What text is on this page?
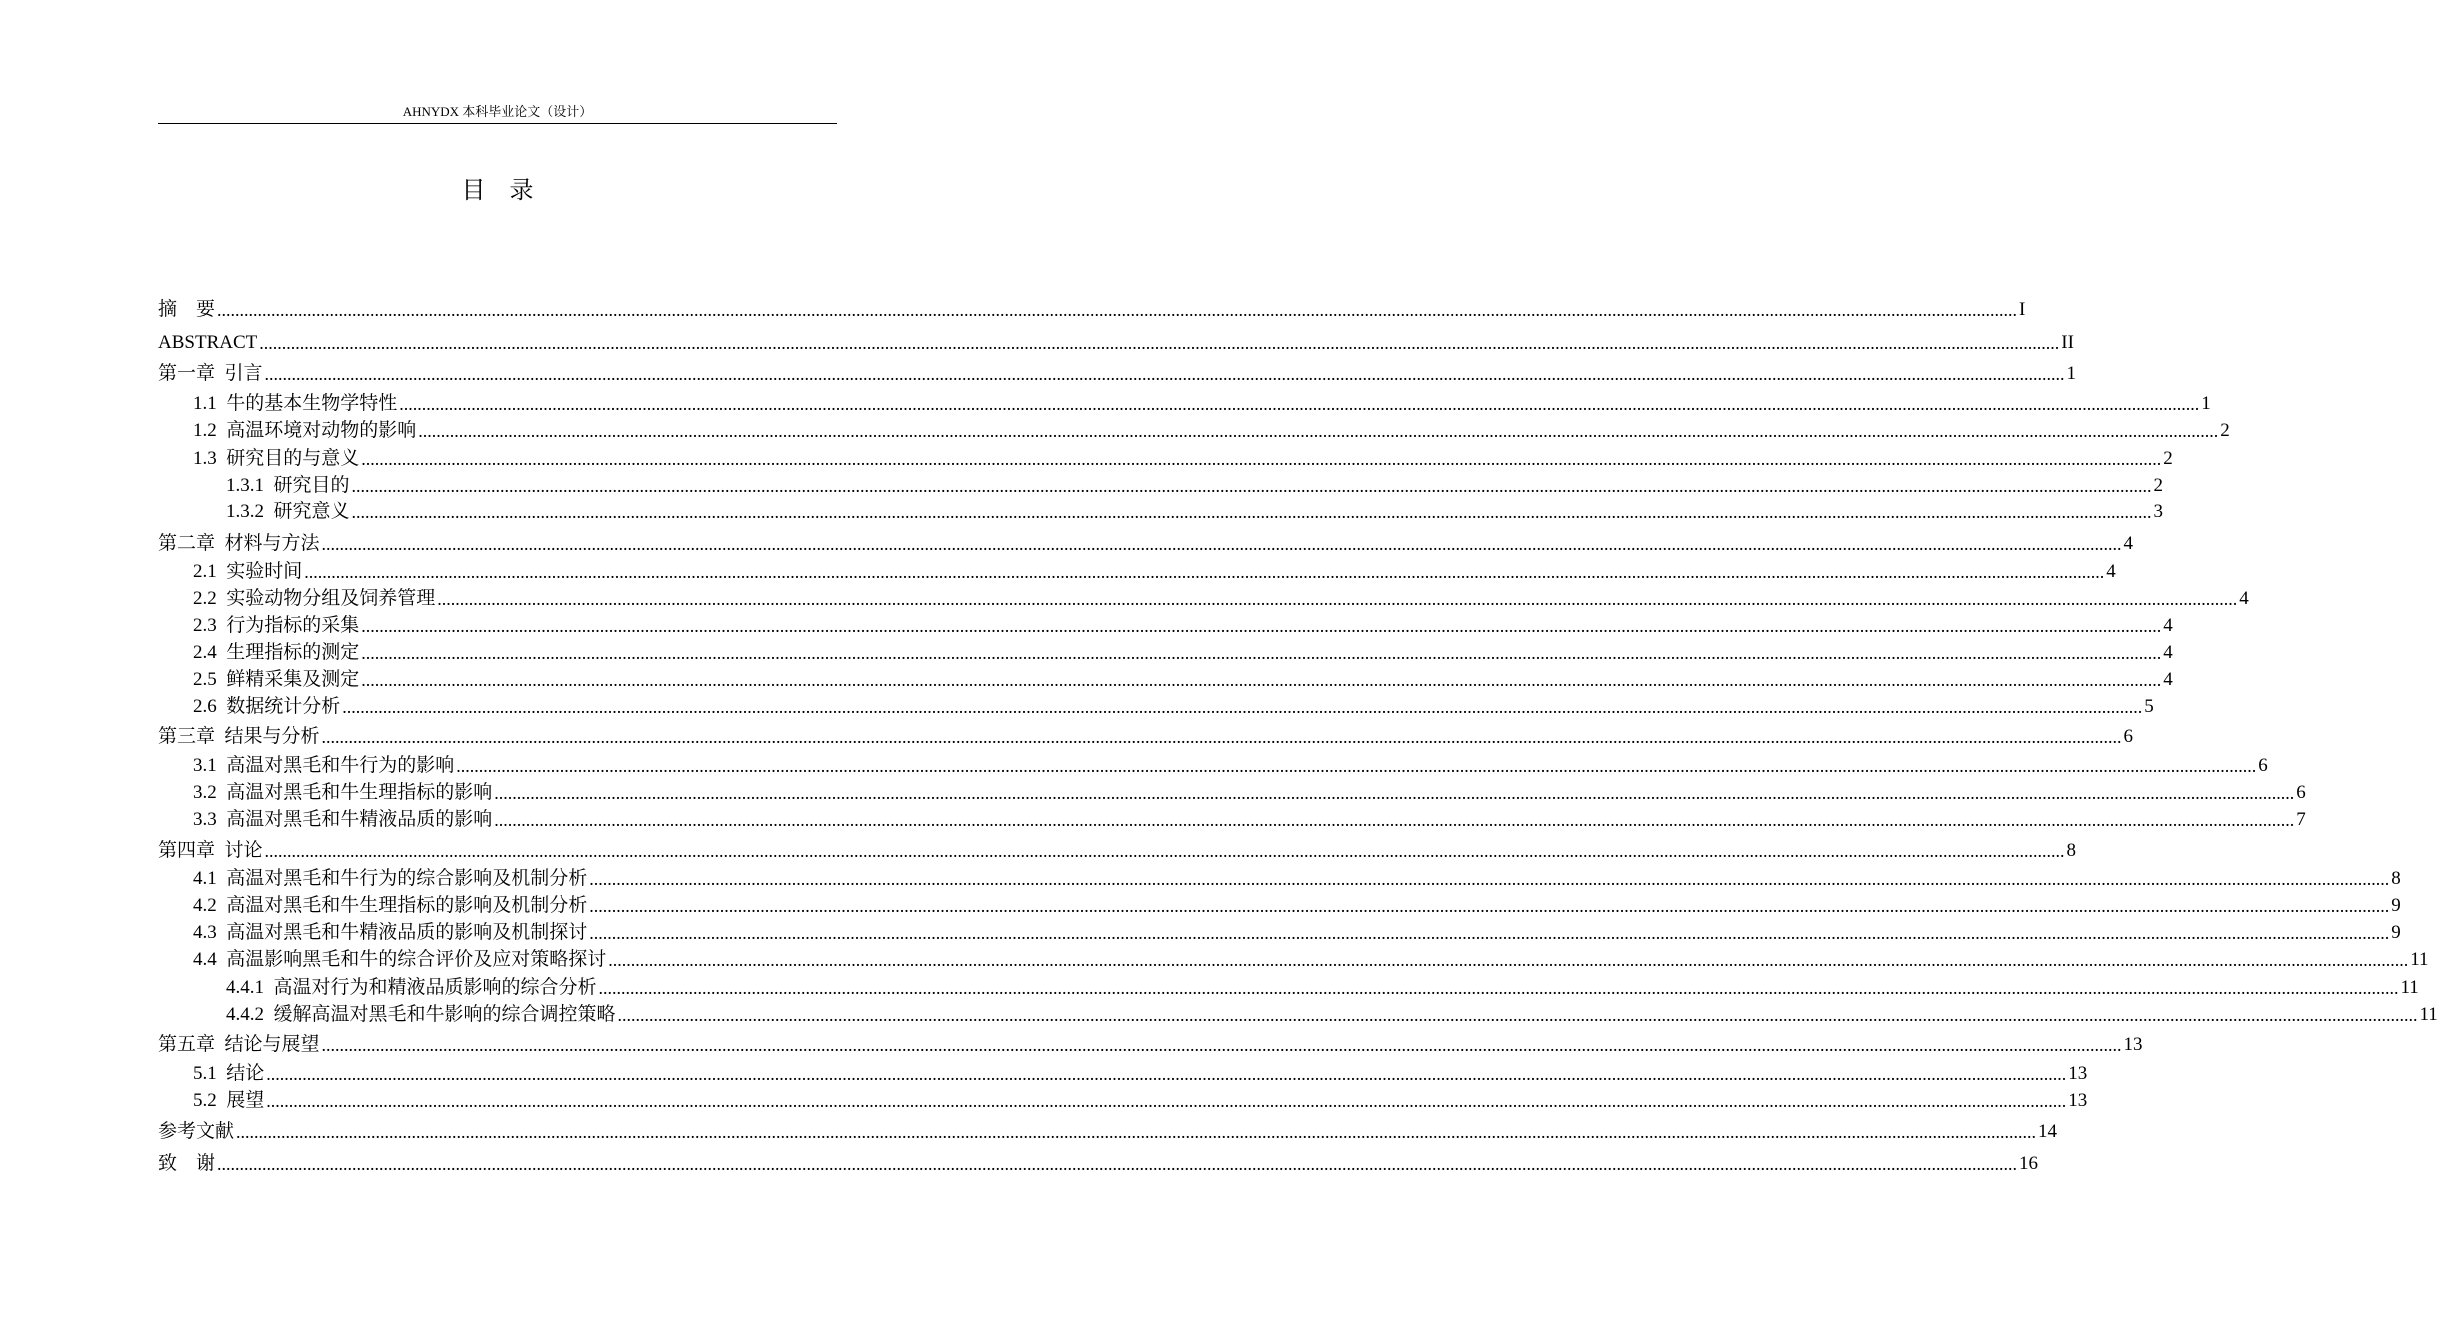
AHNYDX 本科毕业论文（设计）
目录
摘　要 ................................................................................................................................................................................................................................................................................................................................................................................................................ I
ABSTRACT ................................................................................................................................................................................................................................................................................................................................................................................................................ II
第一章  引言 ................................................................................................................................................................................................................................................................................................................................................................................................................ 1
1.1  牛的基本生物学特性 ................................................................................................................................................................................................................................................................................................................................................................................................................ 1
1.2  高温环境对动物的影响 ................................................................................................................................................................................................................................................................................................................................................................................................................ 2
1.3  研究目的与意义 ................................................................................................................................................................................................................................................................................................................................................................................................................ 2
1.3.1  研究目的 ................................................................................................................................................................................................................................................................................................................................................................................................................ 2
1.3.2  研究意义 ................................................................................................................................................................................................................................................................................................................................................................................................................ 3
第二章  材料与方法 ................................................................................................................................................................................................................................................................................................................................................................................................................ 4
2.1  实验时间 ................................................................................................................................................................................................................................................................................................................................................................................................................ 4
2.2  实验动物分组及饲养管理 ................................................................................................................................................................................................................................................................................................................................................................................................................ 4
2.3  行为指标的采集 ................................................................................................................................................................................................................................................................................................................................................................................................................ 4
2.4  生理指标的测定 ................................................................................................................................................................................................................................................................................................................................................................................................................ 4
2.5  鲜精采集及测定 ................................................................................................................................................................................................................................................................................................................................................................................................................ 4
2.6  数据统计分析 ................................................................................................................................................................................................................................................................................................................................................................................................................ 5
第三章  结果与分析 ................................................................................................................................................................................................................................................................................................................................................................................................................ 6
3.1  高温对黑毛和牛行为的影响 ................................................................................................................................................................................................................................................................................................................................................................................................................ 6
3.2  高温对黑毛和牛生理指标的影响 ................................................................................................................................................................................................................................................................................................................................................................................................................ 6
3.3  高温对黑毛和牛精液品质的影响 ................................................................................................................................................................................................................................................................................................................................................................................................................ 7
第四章  讨论 ................................................................................................................................................................................................................................................................................................................................................................................................................ 8
4.1  高温对黑毛和牛行为的综合影响及机制分析 ................................................................................................................................................................................................................................................................................................................................................................................................................ 8
4.2  高温对黑毛和牛生理指标的影响及机制分析 ................................................................................................................................................................................................................................................................................................................................................................................................................ 9
4.3  高温对黑毛和牛精液品质的影响及机制探讨 ................................................................................................................................................................................................................................................................................................................................................................................................................ 9
4.4  高温影响黑毛和牛的综合评价及应对策略探讨 ................................................................................................................................................................................................................................................................................................................................................................................................................ 11
4.4.1  高温对行为和精液品质影响的综合分析 ................................................................................................................................................................................................................................................................................................................................................................................................................ 11
4.4.2  缓解高温对黑毛和牛影响的综合调控策略 ................................................................................................................................................................................................................................................................................................................................................................................................................ 11
第五章  结论与展望 ................................................................................................................................................................................................................................................................................................................................................................................................................ 13
5.1  结论 ................................................................................................................................................................................................................................................................................................................................................................................................................ 13
5.2  展望 ................................................................................................................................................................................................................................................................................................................................................................................................................ 13
参考文献 ................................................................................................................................................................................................................................................................................................................................................................................................................ 14
致　谢 ................................................................................................................................................................................................................................................................................................................................................................................................................ 16
